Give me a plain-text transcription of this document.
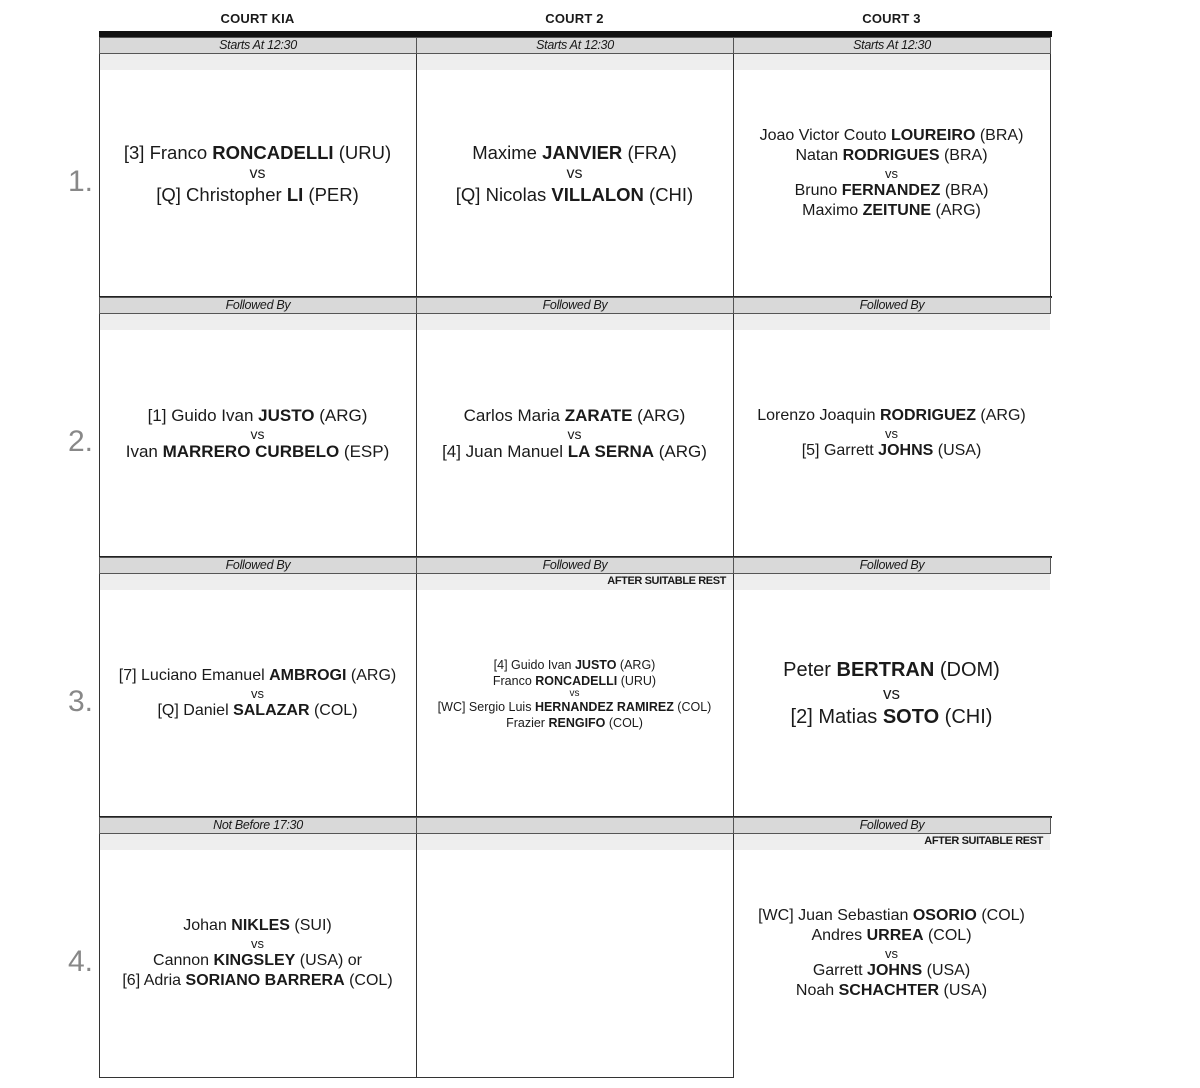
COURT KIA	COURT 2	COURT 3
Starts At 12:30
[3] Franco RONCADELLI (URU)
vs
[Q] Christopher LI (PER)
Starts At 12:30
Maxime JANVIER (FRA)
vs
[Q] Nicolas VILLALON (CHI)
Starts At 12:30
Joao Victor Couto LOUREIRO (BRA)
Natan RODRIGUES (BRA)
vs
Bruno FERNANDEZ (BRA)
Maximo ZEITUNE (ARG)
Followed By
[1] Guido Ivan JUSTO (ARG)
vs
Ivan MARRERO CURBELO (ESP)
Followed By
Carlos Maria ZARATE (ARG)
vs
[4] Juan Manuel LA SERNA (ARG)
Followed By
Lorenzo Joaquin RODRIGUEZ (ARG)
vs
[5] Garrett JOHNS (USA)
Followed By
[7] Luciano Emanuel AMBROGI (ARG)
vs
[Q] Daniel SALAZAR (COL)
Followed By
AFTER SUITABLE REST
[4] Guido Ivan JUSTO (ARG)
Franco RONCADELLI (URU)
vs
[WC] Sergio Luis HERNANDEZ RAMIREZ (COL)
Frazier RENGIFO (COL)
Followed By
Peter BERTRAN (DOM)
vs
[2] Matias SOTO (CHI)
Not Before 17:30
Johan NIKLES (SUI)
vs
Cannon KINGSLEY (USA) or
[6] Adria SORIANO BARRERA (COL)
Followed By
AFTER SUITABLE REST
[WC] Juan Sebastian OSORIO (COL)
Andres URREA (COL)
vs
Garrett JOHNS (USA)
Noah SCHACHTER (USA)
1.
2.
3.
4.
